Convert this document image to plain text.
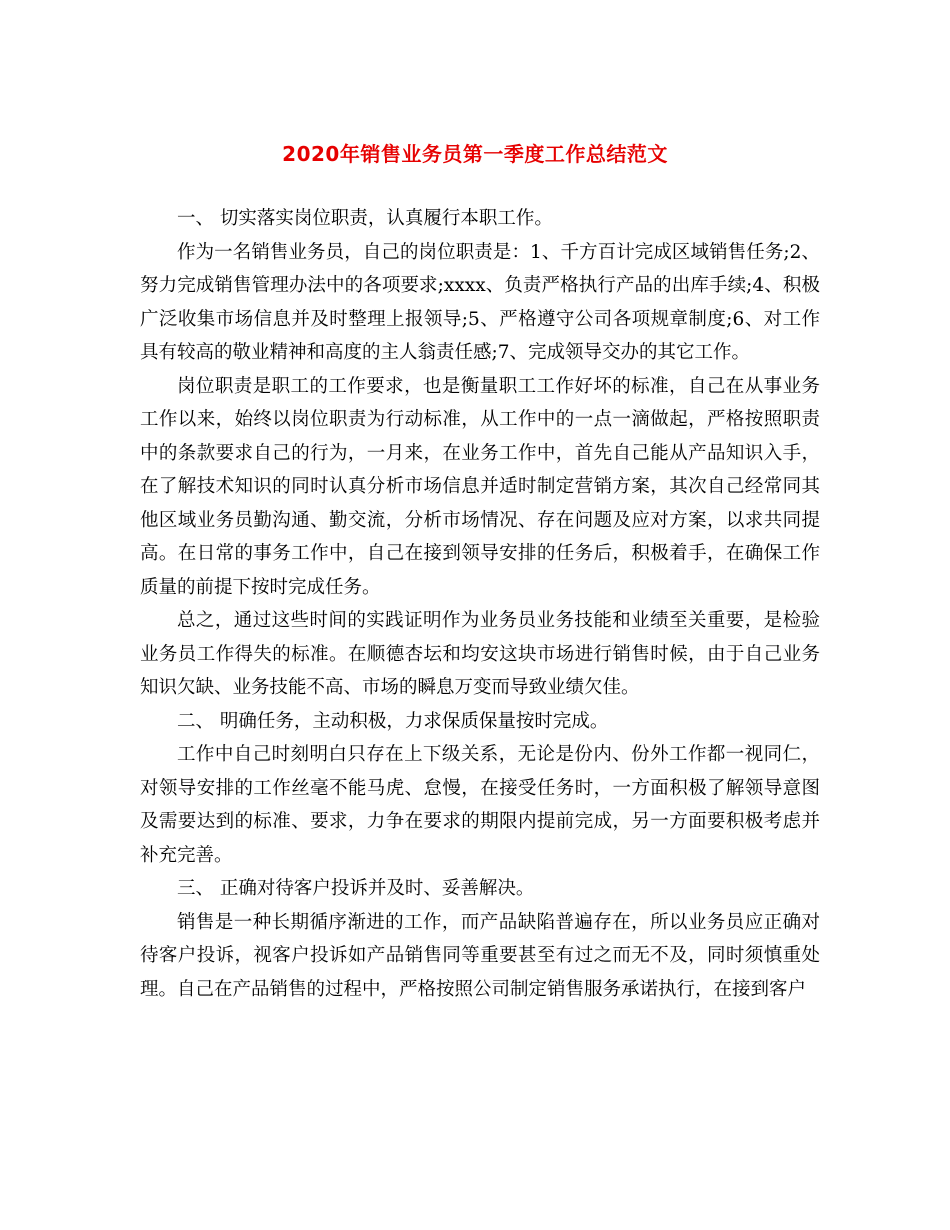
2020年销售业务员第一季度工作总结范文

一、 切实落实岗位职责，认真履行本职工作。

作为一名销售业务员，自己的岗位职责是：1、千方百计完成区域销售任务;2、努力完成销售管理办法中的各项要求;xxxx、负责严格执行产品的出库手续;4、积极广泛收集市场信息并及时整理上报领导;5、严格遵守公司各项规章制度;6、对工作具有较高的敬业精神和高度的主人翁责任感;7、完成领导交办的其它工作。

岗位职责是职工的工作要求，也是衡量职工工作好坏的标准，自己在从事业务工作以来，始终以岗位职责为行动标准，从工作中的一点一滴做起，严格按照职责中的条款要求自己的行为，一月来，在业务工作中，首先自己能从产品知识入手，在了解技术知识的同时认真分析市场信息并适时制定营销方案，其次自己经常同其他区域业务员勤沟通、勤交流，分析市场情况、存在问题及应对方案，以求共同提高。在日常的事务工作中，自己在接到领导安排的任务后，积极着手，在确保工作质量的前提下按时完成任务。

总之，通过这些时间的实践证明作为业务员业务技能和业绩至关重要，是检验业务员工作得失的标准。在顺德杏坛和均安这块市场进行销售时候，由于自己业务知识欠缺、业务技能不高、市场的瞬息万变而导致业绩欠佳。

二、 明确任务，主动积极，力求保质保量按时完成。

工作中自己时刻明白只存在上下级关系，无论是份内、份外工作都一视同仁，对领导安排的工作丝毫不能马虎、怠慢，在接受任务时，一方面积极了解领导意图及需要达到的标准、要求，力争在要求的期限内提前完成，另一方面要积极考虑并补充完善。

三、 正确对待客户投诉并及时、妥善解决。

销售是一种长期循序渐进的工作，而产品缺陷普遍存在，所以业务员应正确对待客户投诉，视客户投诉如产品销售同等重要甚至有过之而无不及，同时须慎重处理。自己在产品销售的过程中，严格按照公司制定销售服务承诺执行，在接到客户
